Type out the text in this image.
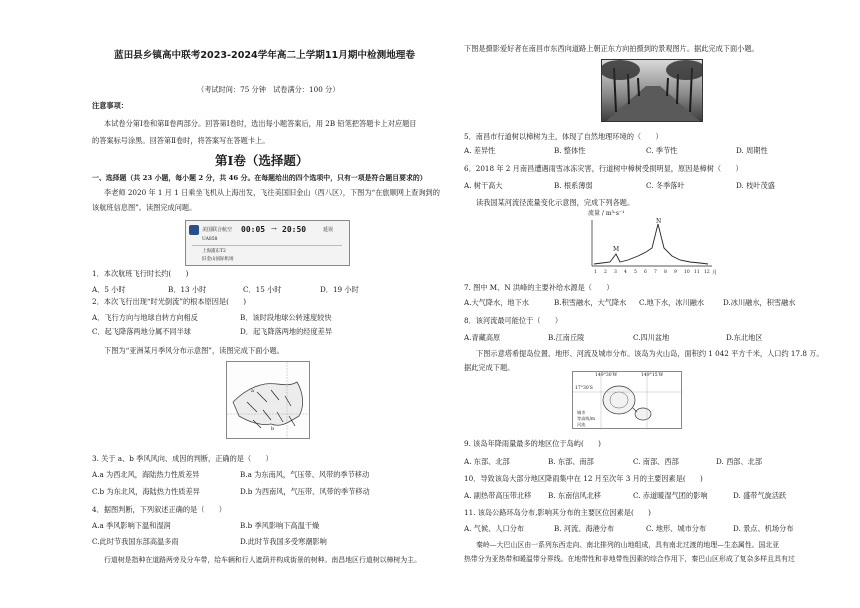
蓝田县乡镇高中联考2023-2024学年高二上学期11月期中检测地理卷
（考试时间：75 分钟　试卷满分：100 分）
注意事项：
本试卷分第Ⅰ卷和第Ⅱ卷两部分。回答第Ⅰ卷时，选出每小题答案后，用 2B 铅笔把答题卡上对应题目
的答案标号涂黑。回答第Ⅱ卷时，将答案写在答题卡上。
第Ⅰ卷（选择题）
一、选择题（共 23 小题，每小题 2 分，共 46 分。在每题给出的四个选项中，只有一项是符合题目要求的）
李老师 2020 年 1 月 1 日乘坐飞机从上海出发，飞往美国旧金山（西八区），下图为“在旅顺网上查询到的
该航班信息图”。读图完成问题。
美国联合航空 00:05 → 20:50	延误
UA858
上海浦东T2
旧金山国际机场
1．本次航班飞行时长约(　　)
A．5 小时	B．13 小时	C．15 小时	D．19 小时
2．本次飞行出现“时光倒流”的根本原因是(　　)
A．飞行方向与地球自转方向相反	B．该时段地球公转速度较快
C．起飞降落两地分属不同半球	D．起飞降落两地的经度差异
下图为“亚洲某月季风分布示意图”，读图完成下面小题。
a
b
3. 关于 a、b 季风风向、成因的判断，正确的是（　　）
A.a 为西北风，海陆热力性质差异	B.a 为东南风，气压带、风带的季节移动
C.b 为东北风，海陆热力性质差异	D.b 为西南风，气压带、风带的季节移动
4．据图判断，下列叙述正确的是（　　）
A.a 季风影响下温和湿润	B.b 季风影响下高温干燥
C.此时节我国东部高温多雨	D.此时节我国多受寒潮影响
行道树是指种在道路两旁及分车带，给车辆和行人遮荫并构成街景的树种。南昌地区行道树以樟树为主。
下图是摄影爱好者在南昌市东西向道路上朝正东方向拍摄到的景观图片。据此完成下面小题。
5．南昌市行道树以樟树为主，体现了自然地理环境的（　　）
A. 差异性	B. 整体性	C. 季节性	D. 周期性
6．2018 年 2 月南昌遭遇雨雪冰冻灾害，行道树中樟树受损明显，原因是樟树（　　）
A. 树干高大	B. 根系薄弱	C. 冬季落叶	D. 枝叶茂盛
读我国某河流径流量变化示意图，完成下列各题。
流量 / m³·s⁻¹
M
N
1 2 3 4 5 6 7 8 9 10 11 12 月
7. 图中 M、N 洪峰的主要补给水源是（　　）
A.大气降水，地下水	B.积雪融水，大气降水 C.地下水，冰川融水	D.冰川融水，积雪融水
8．该河流最可能位于（　　）
A.青藏高原	B.江南丘陵	C.四川盆地	D.东北地区
下图示意塔希提岛位置、地形、河流及城市分布。该岛为火山岛，面积约 1 042 平方千米，人口约 17.8 万。
据此完成下题。
149°30′W	149°15′W
17°30′S
城市
等高线/m
河流
9. 该岛年降雨量最多的地区位于岛屿(　　)
A. 东部、北部	B. 东部、南部	C. 南部、西部	D. 西部、北部
10．导致该岛大部分地区降雨集中在 12 月至次年 3 月的主要因素是(　　)
A. 副热带高压带北移 B. 东南信风北移	C. 赤道暖湿气团的影响	D. 盛带气旋活跃
11. 该岛公路环岛分布,影响其分布的主要区位因素是(　　)
A. 气候、人口分布	B. 河流、海港分布	C. 地形、城市分布	D. 景点、机场分布
秦岭—大巴山区由一系列东西走向、南北排列的山地组成，具有南北过渡的地理—生态属性。国北亚
热带分为亚热带和暖温带分界线。在地带性和非地带性因素的综合作用下，秦巴山区形成了复杂多样且具有过
